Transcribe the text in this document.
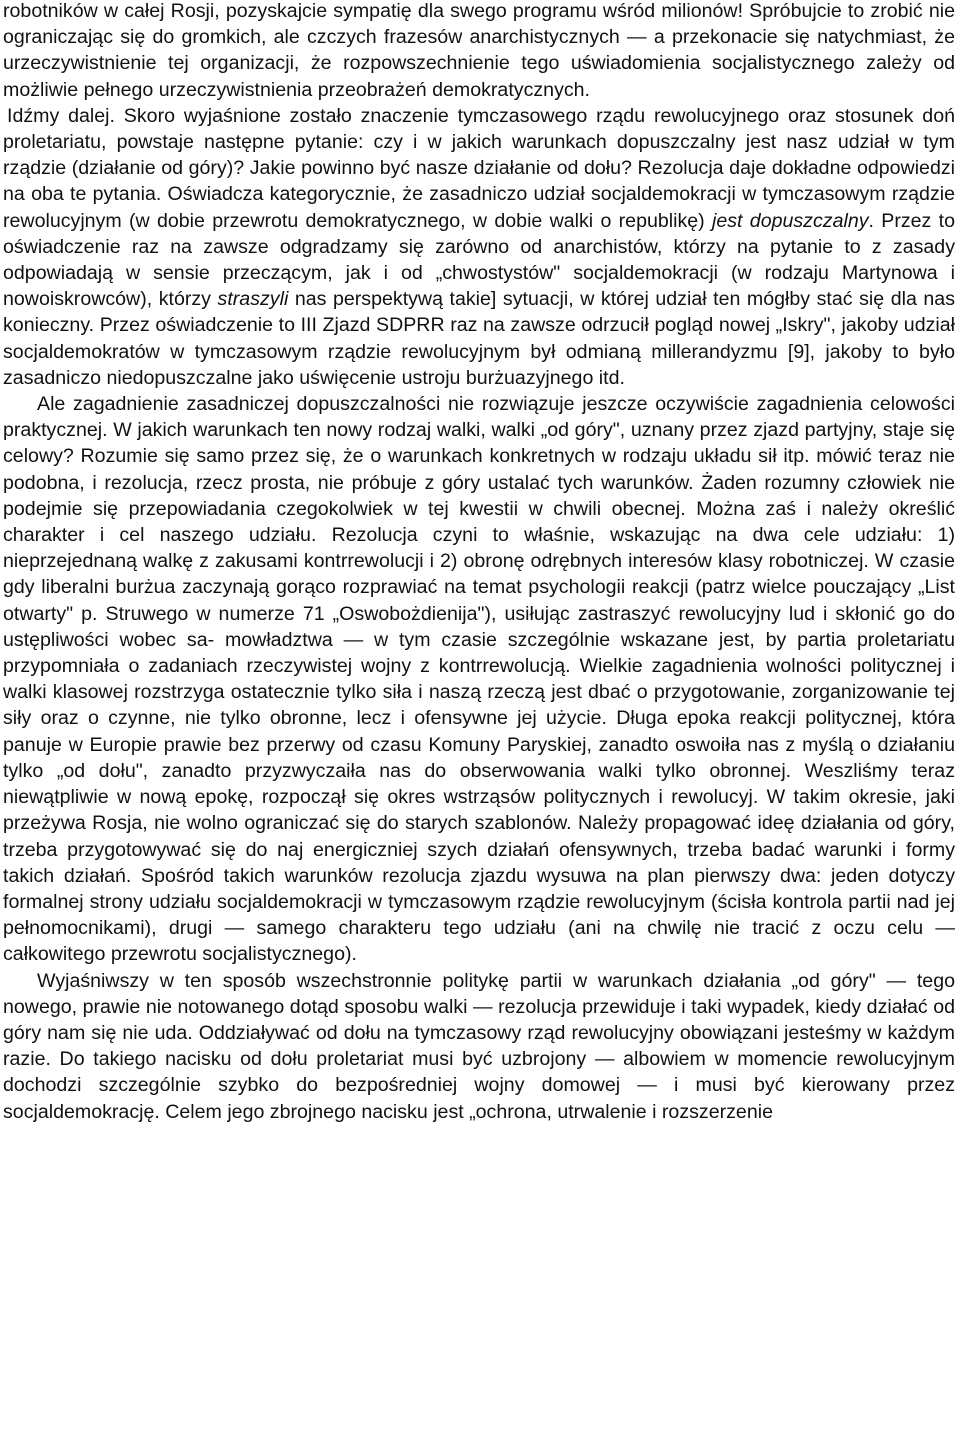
robotników w całej Rosji, pozyskajcie sympatię dla swego programu wśród milionów! Spróbujcie to zrobić nie ograniczając się do gromkich, ale czczych frazesów anarchistycznych — a przekonacie się natychmiast, że urzeczywistnienie tej organizacji, że rozpowszechnienie tego uświadomienia socjalistycznego zależy od możliwie pełnego urzeczywistnienia przeobrażeń demokratycznych.

Idźmy dalej. Skoro wyjaśnione zostało znaczenie tymczasowego rządu rewolucyjnego oraz stosunek doń proletariatu, powstaje następne pytanie: czy i w jakich warunkach dopuszczalny jest nasz udział w tym rządzie (działanie od góry)? Jakie powinno być nasze działanie od dołu? Rezolucja daje dokładne odpowiedzi na oba te pytania. Oświadcza kategorycznie, że zasadniczo udział socjaldemokracji w tymczasowym rządzie rewolucyjnym (w dobie przewrotu demokratycznego, w dobie walki o republikę) jest dopuszczalny. Przez to oświadczenie raz na zawsze odgradzamy się zarówno od anarchistów, którzy na pytanie to z zasady odpowiadają w sensie przeczącym, jak i od „chwostystów" socjaldemokracji (w rodzaju Martynowa i nowoiskrowców), którzy straszyli nas perspektywą takie] sytuacji, w której udział ten mógłby stać się dla nas konieczny. Przez oświadczenie to III Zjazd SDPRR raz na zawsze odrzucił pogląd nowej „Iskry", jakoby udział socjaldemokratów w tymczasowym rządzie rewolucyjnym był odmianą millerandyzmu [9], jakoby to było zasadniczo niedopuszczalne jako uświęcenie ustroju burżuazyjnego itd.

Ale zagadnienie zasadniczej dopuszczalności nie rozwiązuje jeszcze oczywiście zagadnienia celowości praktycznej. W jakich warunkach ten nowy rodzaj walki, walki „od góry", uznany przez zjazd partyjny, staje się celowy? Rozumie się samo przez się, że o warunkach konkretnych w rodzaju układu sił itp. mówić teraz nie podobna, i rezolucja, rzecz prosta, nie próbuje z góry ustalać tych warunków. Żaden rozumny człowiek nie podejmie się przepowiadania czegokolwiek w tej kwestii w chwili obecnej. Można zaś i należy określić charakter i cel naszego udziału. Rezolucja czyni to właśnie, wskazując na dwa cele udziału: 1) nieprzejednaną walkę z zakusami kontrrewolucji i 2) obronę odrębnych interesów klasy robotniczej. W czasie gdy liberalni burżua zaczynają gorąco rozprawiać na temat psychologii reakcji (patrz wielce pouczający „List otwarty" p. Struwego w numerze 71 „Oswobożdienija"), usiłując zastraszyć rewolucyjny lud i skłonić go do ustępliwości wobec sa- mowładztwa — w tym czasie szczególnie wskazane jest, by partia proletariatu przypomniała o zadaniach rzeczywistej wojny z kontrrewolucją. Wielkie zagadnienia wolności politycznej i walki klasowej rozstrzyga ostatecznie tylko siła i naszą rzeczą jest dbać o przygotowanie, zorganizowanie tej siły oraz o czynne, nie tylko obronne, lecz i ofensywne jej użycie. Długa epoka reakcji politycznej, która panuje w Europie prawie bez przerwy od czasu Komuny Paryskiej, zanadto oswoiła nas z myślą o działaniu tylko „od dołu", zanadto przyzwyczaiła nas do obserwowania walki tylko obronnej. Weszliśmy teraz niewątpliwie w nową epokę, rozpoczął się okres wstrząsów politycznych i rewolucyj. W takim okresie, jaki przeżywa Rosja, nie wolno ograniczać się do starych szablonów. Należy propagować ideę działania od góry, trzeba przygotowywać się do naj energiczniej szych działań ofensywnych, trzeba badać warunki i formy takich działań. Spośród takich warunków rezolucja zjazdu wysuwa na plan pierwszy dwa: jeden dotyczy formalnej strony udziału socjaldemokracji w tymczasowym rządzie rewolucyjnym (ścisła kontrola partii nad jej pełnomocnikami), drugi — samego charakteru tego udziału (ani na chwilę nie tracić z oczu celu — całkowitego przewrotu socjalistycznego).

Wyjaśniwszy w ten sposób wszechstronnie politykę partii w warunkach działania „od góry" — tego nowego, prawie nie notowanego dotąd sposobu walki — rezolucja przewiduje i taki wypadek, kiedy działać od góry nam się nie uda. Oddziaływać od dołu na tymczasowy rząd rewolucyjny obowiązani jesteśmy w każdym razie. Do takiego nacisku od dołu proletariat musi być uzbrojony — albowiem w momencie rewolucyjnym dochodzi szczególnie szybko do bezpośredniej wojny domowej — i musi być kierowany przez socjaldemokrację. Celem jego zbrojnego nacisku jest „ochrona, utrwalenie i rozszerzenie
